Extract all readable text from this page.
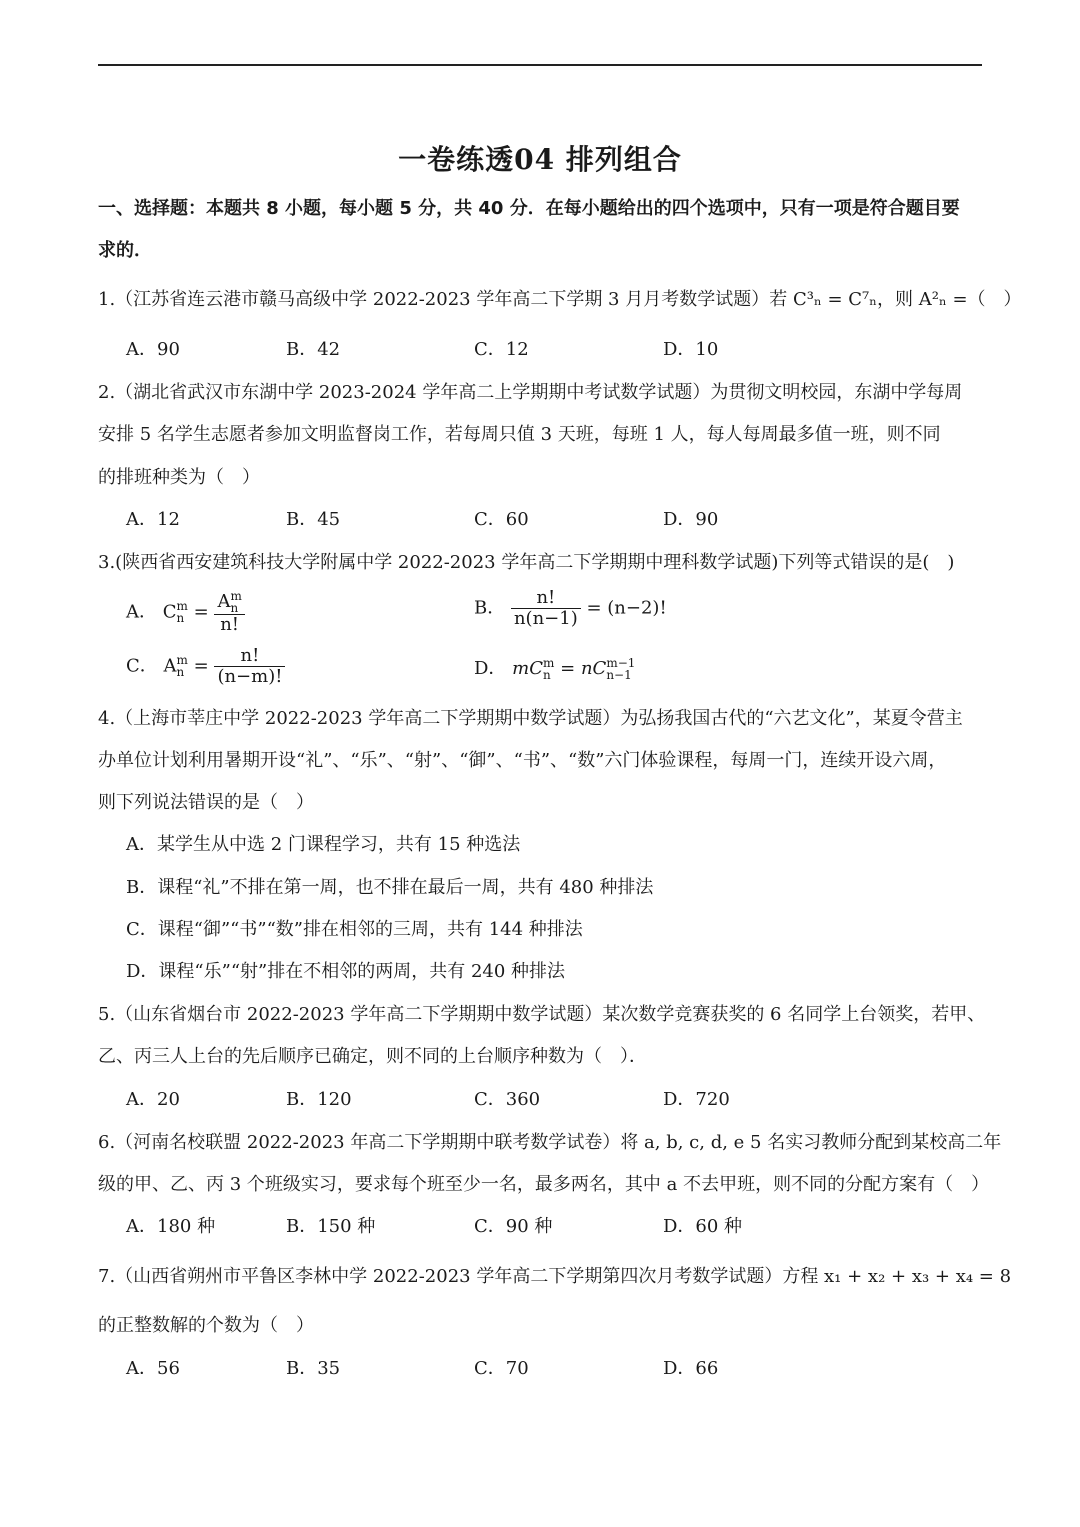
一卷练透04 排列组合
一、选择题：本题共 8 小题，每小题 5 分，共 40 分．在每小题给出的四个选项中，只有一项是符合题目要
求的．
1.（江苏省连云港市赣马高级中学 2022-2023 学年高二下学期 3 月月考数学试题）若 C³ₙ = C⁷ₙ，则 A²ₙ =（　）
A．90	B．42	C．12	D．10
2.（湖北省武汉市东湖中学 2023-2024 学年高二上学期期中考试数学试题）为贯彻文明校园，东湖中学每周
安排 5 名学生志愿者参加文明监督岗工作，若每周只值 3 天班，每班 1 人，每人每周最多值一班，则不同
的排班种类为（　）
A．12	B．45	C．60	D．90
3.(陕西省西安建筑科技大学附属中学 2022-2023 学年高二下学期期中理科数学试题)下列等式错误的是(　)
A． C m
n = A m
n
n!
B． $\frac{n!}{n(n-1)} = (n-2)$!
C． A m
$n = \frac{n!}{(n-m)!}$	D． mC m
n = nC m−1
n−1
4.（上海市莘庄中学 2022-2023 学年高二下学期期中数学试题）为弘扬我国古代的“六艺文化”，某夏令营主
办单位计划利用暑期开设“礼”、“乐”、“射”、“御”、“书”、“数”六门体验课程，每周一门，连续开设六周，
则下列说法错误的是（　）
A．某学生从中选 2 门课程学习，共有 15 种选法
B．课程“礼”不排在第一周，也不排在最后一周，共有 480 种排法
C．课程“御”“书”“数”排在相邻的三周，共有 144 种排法
D．课程“乐”“射”排在不相邻的两周，共有 240 种排法
5.（山东省烟台市 2022-2023 学年高二下学期期中数学试题）某次数学竞赛获奖的 6 名同学上台领奖，若甲、
乙、丙三人上台的先后顺序已确定，则不同的上台顺序种数为（　）．
A．20	B．120	C．360	D．720
6.（河南名校联盟 2022-2023 年高二下学期期中联考数学试卷）将 a, b, c, d, e 5 名实习教师分配到某校高二年
级的甲、乙、丙 3 个班级实习，要求每个班至少一名，最多两名，其中 a 不去甲班，则不同的分配方案有（　）
A．180 种	B．150 种	C．90 种	D．60 种
7.（山西省朔州市平鲁区李林中学 2022-2023 学年高二下学期第四次月考数学试题）方程 x₁ + x₂ + x₃ + x₄ = 8
的正整数解的个数为（　）
A．56	B．35	C．70	D．66
